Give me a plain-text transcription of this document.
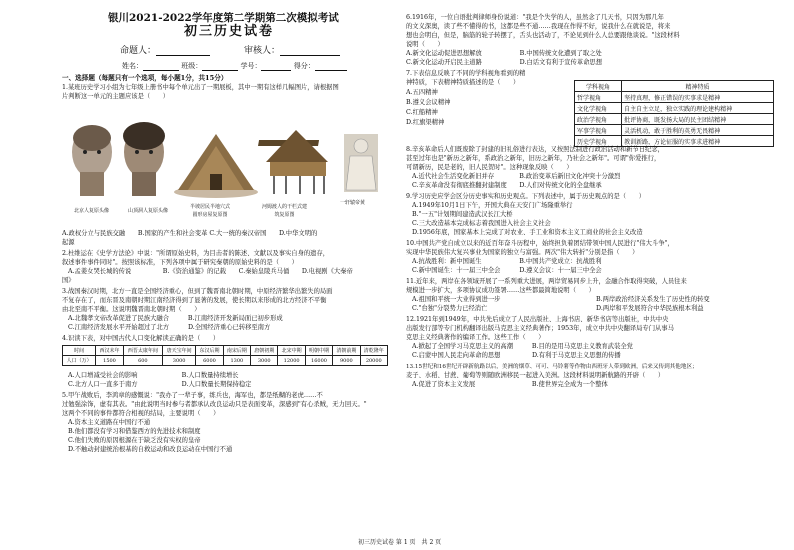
银川2021-2022学年度第二学期第二次模拟考试
初三历史试卷
命题人：	审核人：
姓名：	班级：	学号：	得分：
一、选择题（每题只有一个选项，每小题1分，共15分）
1.某班历史学习小组为七年级上册书中每个单元出了一期展板，其中一期有这样几幅图片，请根据图
片判断这一单元的主题应该是（　　）
北京人复原头像	山顶洞人复原头像
半坡居民半地穴式
圆形房屋复原图
河姆渡人的干栏式建
筑复原图
一轩辕帝黄
A.政权分立与民族交融　　B.国家的产生和社会变革 C.大一统的秦汉帝国　　D.中华文明的
起源
2.杜维运在《史学方法论》中说："所谓原始史料，为目击者的陈述、文献以及事实自身的遗存，
叙述事件事件同时"。按照该标准，下列各项中属于研究秦朝的原始史料的是（　　）
A.孟姜女哭长城的传说　　　　　B.《资治通鉴》的记载　　C.秦始皇陵兵马俑　　D.电视剧《大秦帝
国》
3.战国秦汉时期，北方一直是全国经济重心，但到了魏晋南北朝时期，中原经济繁华出繁失的局面
不复存在了，而东晋及南朝时期江南经济得到了显著的发展，使长期以来形成的北方经济不平衡
由北至南不平衡。这说明魏晋南北朝时期（　　）
A.北魏孝文帝改革促进了民族大融合　　　B.江南经济开发新局面已初步形成
C.江南经济发展水平开始超过了北方　　　D.全国经济重心已转移至南方
4.识读下表，对中国古代人口变化解读正确的是（　　）
时间	西汉末年	西晋太康年间	唐天宝年间	东汉后期	南宋后期	唐朝初期	北宋中期	明朝中期	清朝前期	清乾隆年
人口（万）	1500	600	3000	6000	1300	3000	12000	16000	9000	20000
A.人口增减受社会的影响　　　　　　　B.人口数量持续增长
C.北方人口一直多于南方　　　　　　　D.人口数量长期保持稳定
5.甲午战败后，李鸿章的感慨说："我办了一辈子事，练兵也，海军也，都是纸糊的老虎……不
过勉强涂饰，虚有其表。"由此说明当时参与者都承认改良运动只是表面变革，深感到"有心杀贼，无力回天。"
这两个不同的事件都符合相视的结局，主要说明（　　）
A.资本主义道路在中国行不通
B.他们都没有学习和借鉴西方的先进技术和制度
C.他们失败的原因根源在于缺乏没有实权的皇帝
D.不触动封建统治根基的自救运动和改良运动在中国行不通
6.1916年，一位自语批判律师身份说道："我是个失学的人，虽然念了几天书，只因为那几年
的文义深奥，读了些不懂得的书，这都是些不通……我现在作得不好，说我什么在就说是，将来
想也会明白，但是，脑筋的轮子转摆了，舌头也活动了，不论见到什么人总要跟他谈说。"这段材料
说明（　　）
A.新文化运动促进思想解放　　　　　　B.中国传统文化遭到了取之处
C.新文化运动开启民主道路　　　　　　D.白话文有利于宣传革命思想
7.下表信息反映了不同的学科视角看到的精
神特质，下表精神特质描述的是（　　）
A.五四精神
B.遵义会议精神
C.红船精神
D.红旗渠精神
学科视角	精神特质
哲学视角	坚持真理，修正错误的实事求是精神
文化学视角	自主自主立足，独立实践的理论建构精神
政治学视角	批评协商，既发扬大局的民主团结精神
军事学视角	灵活机动，敢于胜利的英勇无畏精神
历史学视角	教训新路，方论征服的实事求进精神
8.辛亥革命后人们既废除了封建的旧礼俗进行表达，又按照法制进行政治活动和新节日纪念，
甚至过年也是"新历之新年，系政治之新年，旧历之新年，乃社会之新年"。可谓"你爱推行，
可谓新历，民是老的，旧人民贺时"。这种现象反映（　　）
A.近代社会生活变化新旧并存　　　　B.政治变革后新旧文化冲突十分激烈
C.辛亥革命没有彻底推翻封建制度　　D.人们对传统文化的全盘继承
9.学习历史应学会区分历史事实和历史观点。下列表述中，属于历史观点的是（　　）
A.1949年10月1日下午，开国大典在天安门广场隆重举行
B."一五"计划期间建造武汉长江大桥
C.三大改造基本完成标志着我国进入社会主义社会
D.1956年底，国家基本上完成了对农业、手工业和资本主义工商业的社会主义改造
10.中国共产党自成立以来的近百年奋斗历程中，始终担负着团结带领中国人民进行"伟大斗争"，
实现中华民族伟大复兴事业为国家的独立与富强。两次"伟大转折"分别是指（　　）
A.抗战胜利：新中国诞生　　　　　　B.中国共产党成立：抗战胜利
C.新中国诞生：十一届三中全会　　　D.遵义会议：十一届三中全会
11.近年来，两岸在各领域开展了一系列重大进展，两岸贸易同步上升，金融合作取得突破，人员往来
规模进一步扩大，多项协议成功签署……这些都最简地说明（　　）
A.祖国和平统一大业得到进一步	B.两岸政治经济关系发生了历史性的转变
C."台独"分裂势力已经消亡	D.两岸和平发展符合中华民族根本利益
12.1921年到1949年，中共先后成立了人民出版社、上海书店、新华书店等出版社，中共中央
出版发行部等专门机构翻译出版马克思主义经典著作；1953年，成立中共中央翻译局专门从事马
克思主义经典著作的编译工作。这些工作（　　）
A.掀起了全国学习马克思主义的高潮　　　B.目的是用马克思主义教育武装全党
C.启蒙中国人民走向革命的思想　　　　　D.有利于马克思主义思想的传播
13.15世纪和16世纪开辟新航路以后，美洲的烟草、可可、马铃薯等作物由西班牙人带到欧洲，后来又传到其他地区；
麦子、水稻、甘蔗、葡萄等则随欧洲移民一起进入美洲。这段材料说明新航路的开辟（　　）
A.促进了资本主义发展　　　　　　　　　B.使世界完全成为一个整体
初三历史试卷 第 1 页　共 2 页
